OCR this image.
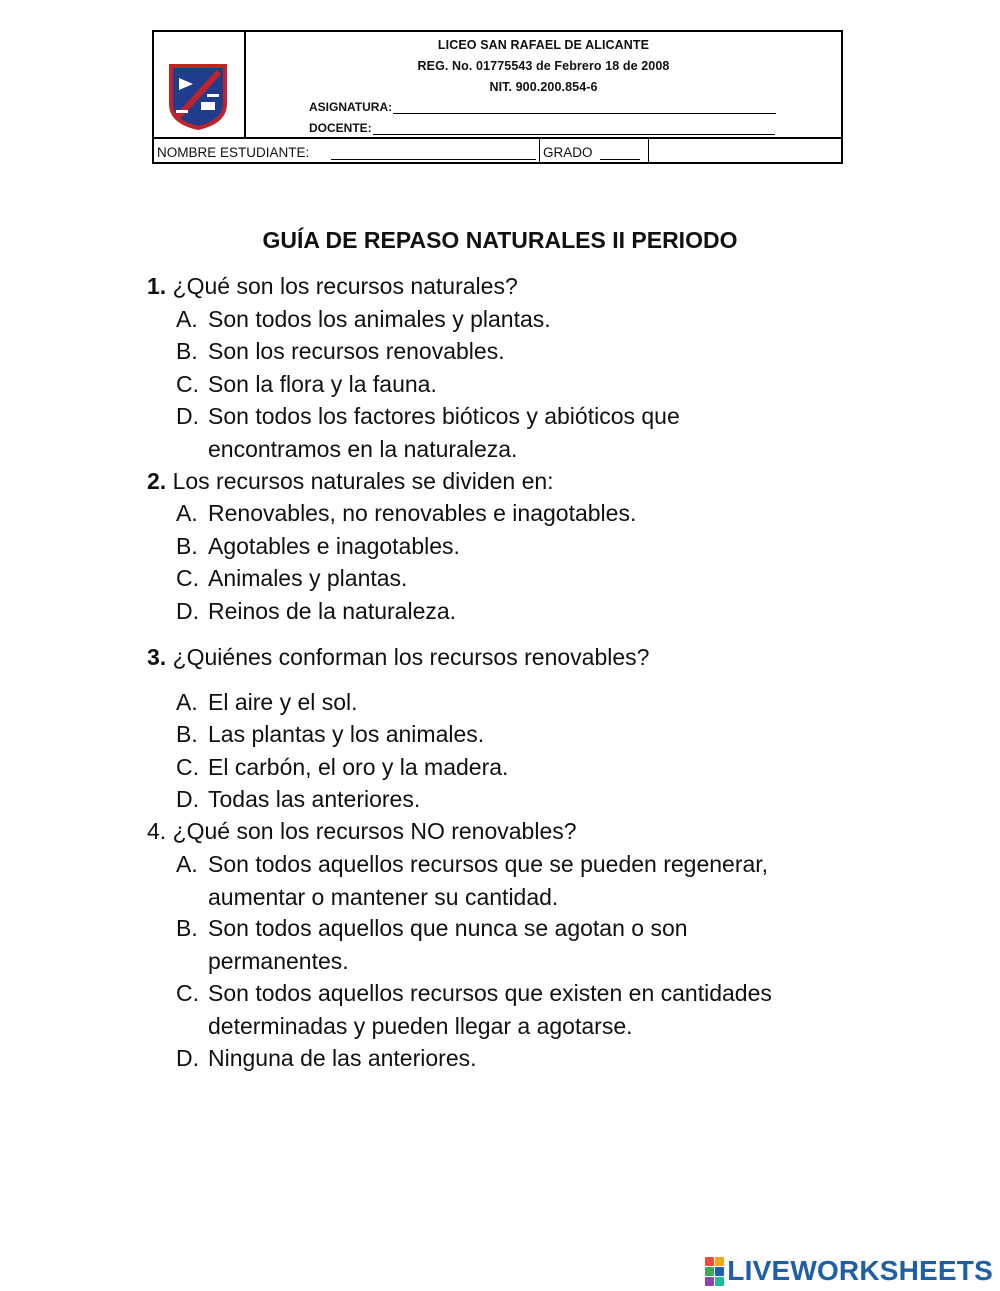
LICEO SAN RAFAEL DE ALICANTE
REG. No. 01775543 de Febrero 18 de 2008
NIT. 900.200.854-6
ASIGNATURA:
DOCENTE:
NOMBRE ESTUDIANTE:	GRADO
GUÍA DE REPASO NATURALES II PERIODO
1. ¿Qué son los recursos naturales?
A. Son todos los animales y plantas.
B. Son los recursos renovables.
C. Son la flora y la fauna.
D. Son todos los factores bióticos y abióticos que encontramos en la naturaleza.
2. Los recursos naturales se dividen en:
A. Renovables, no renovables e inagotables.
B. Agotables e inagotables.
C. Animales y plantas.
D. Reinos de la naturaleza.
3. ¿Quiénes conforman los recursos renovables?
A. El aire y el sol.
B. Las plantas y los animales.
C. El carbón, el oro y la madera.
D. Todas las anteriores.
4. ¿Qué son los recursos NO renovables?
A. Son todos aquellos recursos que se pueden regenerar, aumentar o mantener su cantidad.
B. Son todos aquellos que nunca se agotan o son permanentes.
C. Son todos aquellos recursos que existen en cantidades determinadas y pueden llegar a agotarse.
D. Ninguna de las anteriores.
LIVEWORKSHEETS
